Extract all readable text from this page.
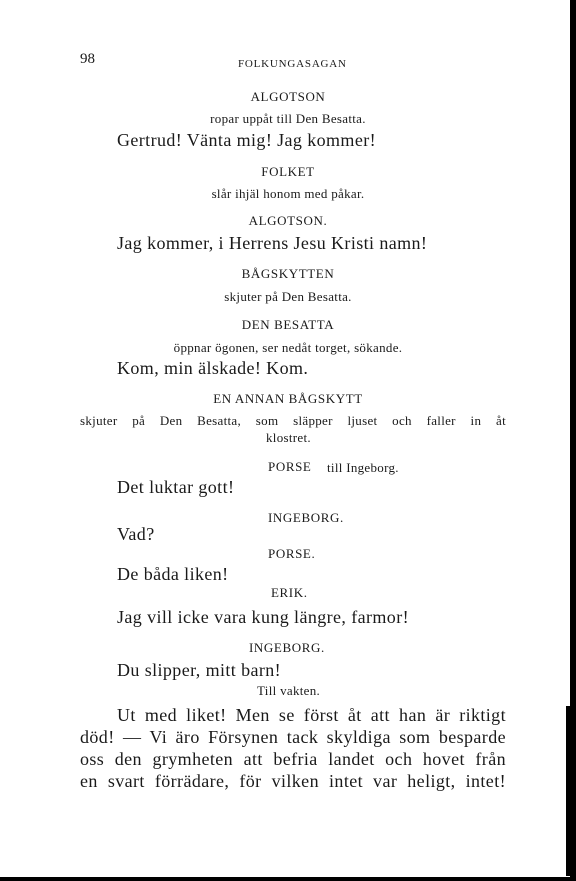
98	FOLKUNGASAGAN
ALGOTSON
ropar uppåt till Den Besatta.
Gertrud! Vänta mig! Jag kommer!
FOLKET
slår ihjäl honom med påkar.
ALGOTSON.
Jag kommer, i Herrens Jesu Kristi namn!
BÅGSKYTTEN
skjuter på Den Besatta.
DEN BESATTA
öppnar ögonen, ser nedåt torget, sökande.
Kom, min älskade! Kom.
EN ANNAN BÅGSKYTT
skjuter på Den Besatta, som släpper ljuset och faller in åt
klostret.
PORSE till Ingeborg.
Det luktar gott!
INGEBORG.
Vad?
PORSE.
De båda liken!
ERIK.
Jag vill icke vara kung längre, farmor!
INGEBORG.
Du slipper, mitt barn!
Till vakten.
Ut med liket! Men se först åt att han är riktigt
död! — Vi äro Försynen tack skyldiga som besparde
oss den grymheten att befria landet och hovet från
en svart förrädare, för vilken intet var heligt, intet!
